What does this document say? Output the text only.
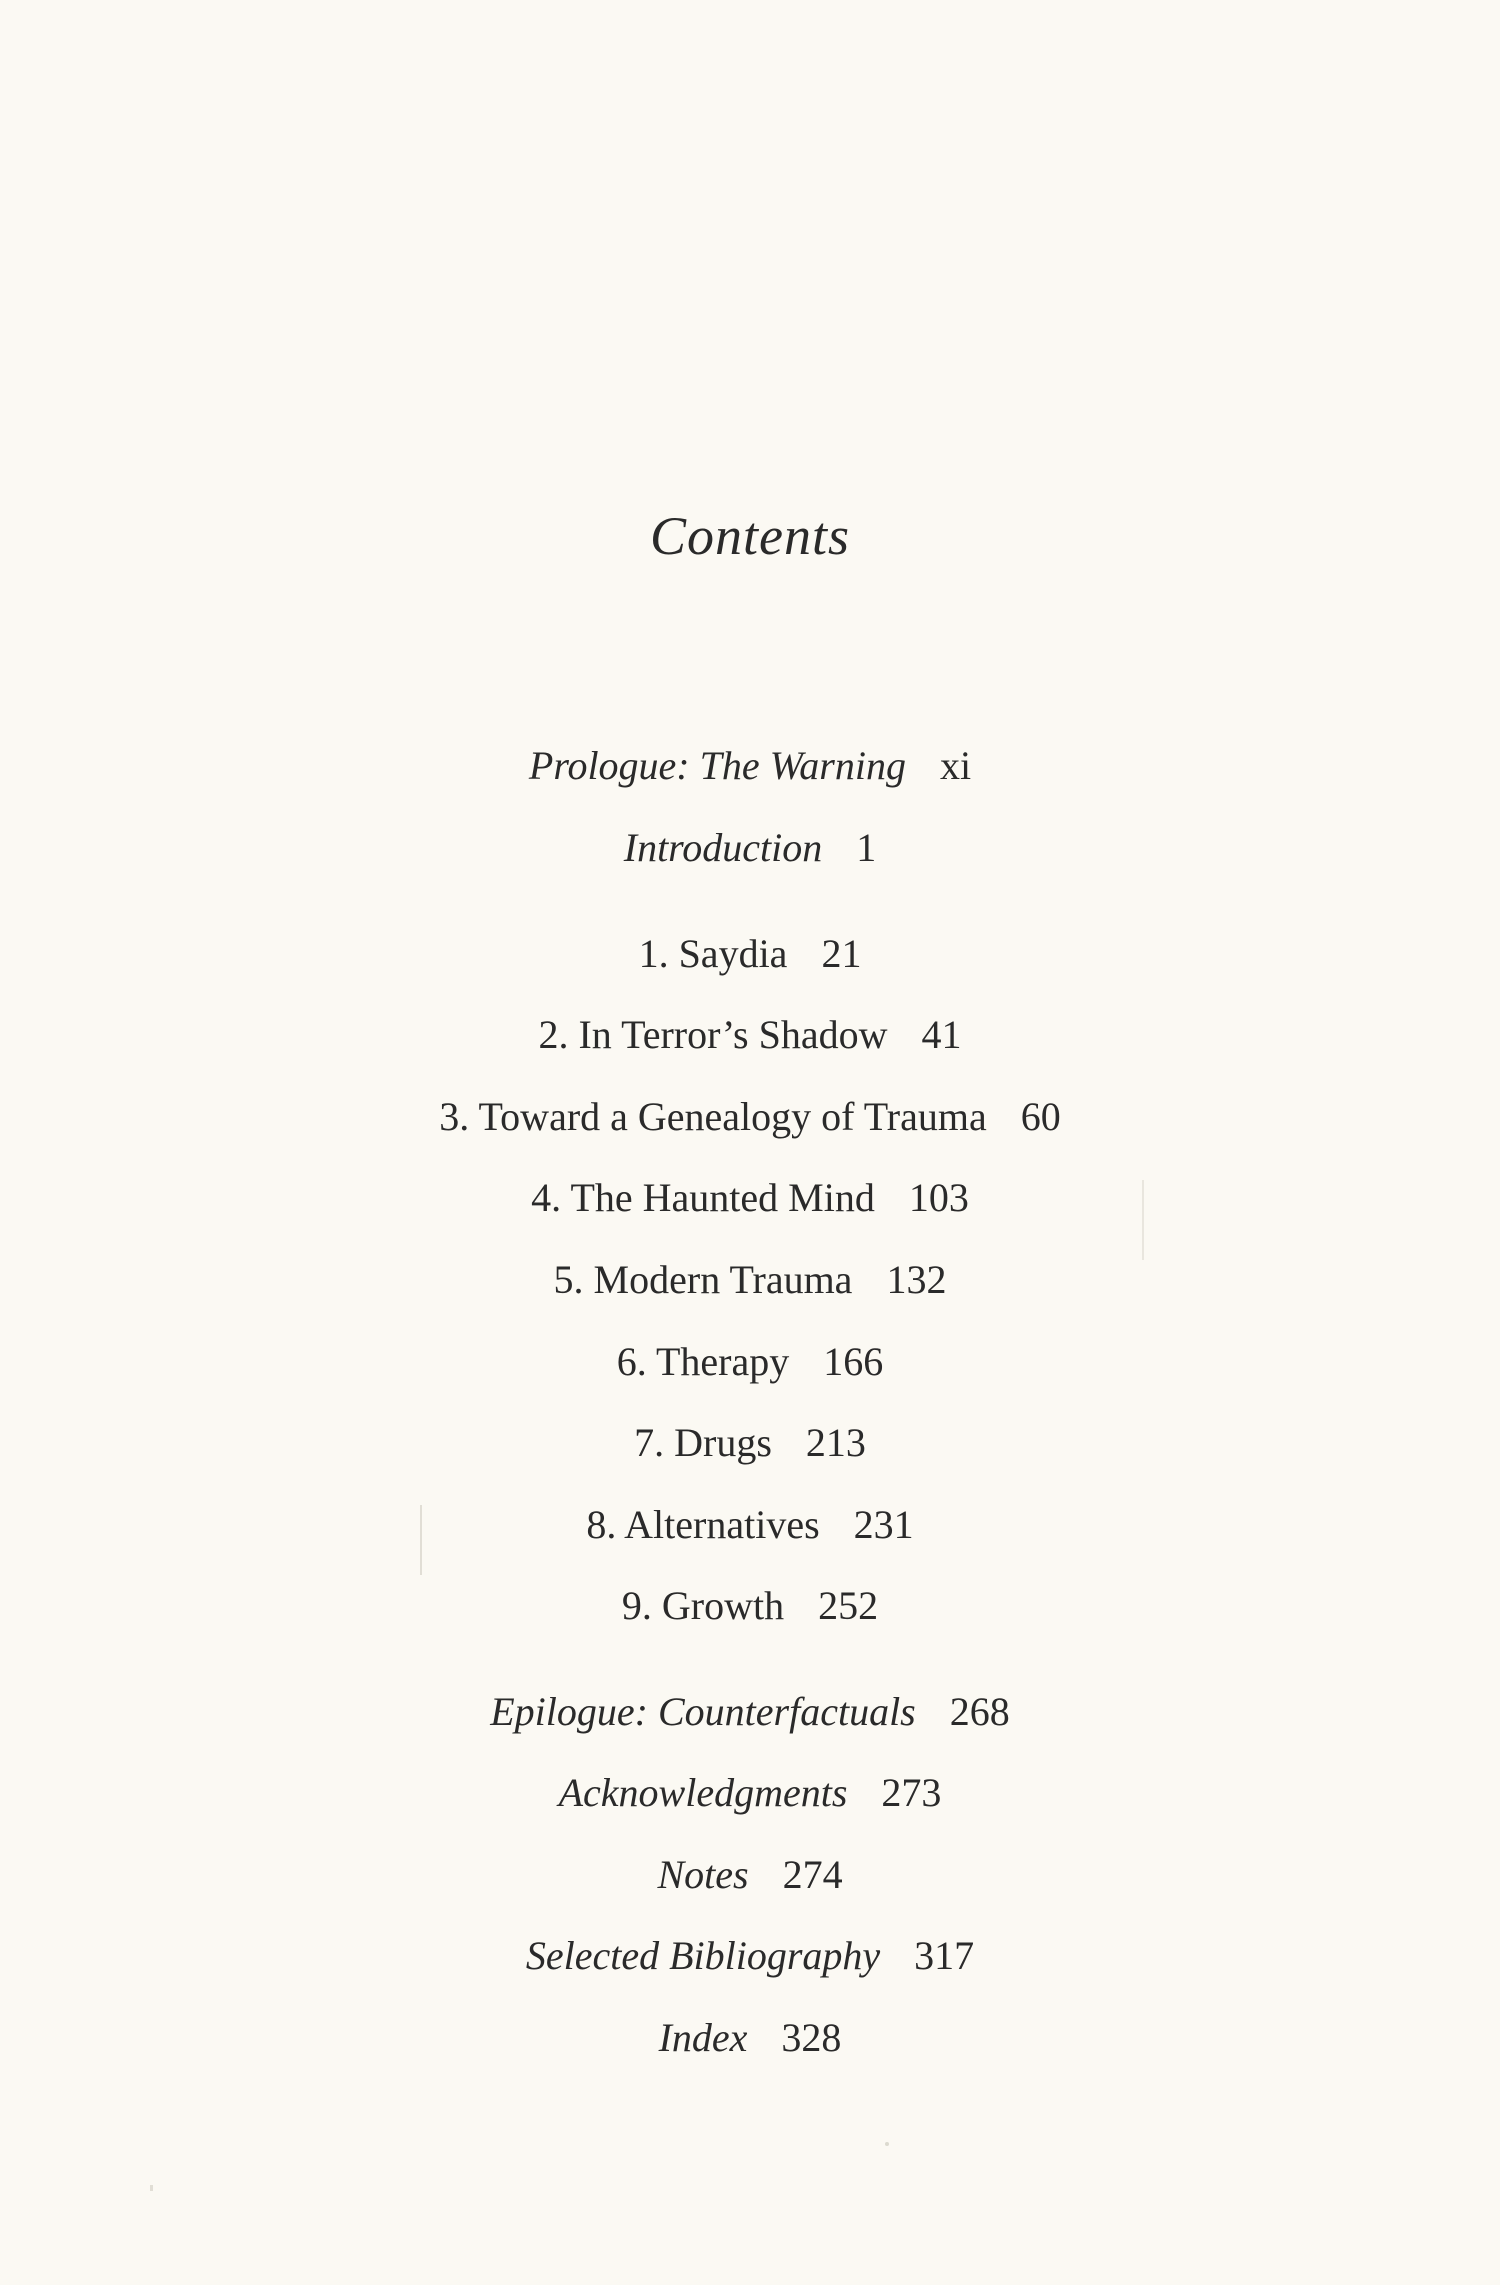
Contents
Prologue: The Warning xi
Introduction 1
1. Saydia 21
2. In Terror’s Shadow 41
3. Toward a Genealogy of Trauma 60
4. The Haunted Mind 103
5. Modern Trauma 132
6. Therapy 166
7. Drugs 213
8. Alternatives 231
9. Growth 252
Epilogue: Counterfactuals 268
Acknowledgments 273
Notes 274
Selected Bibliography 317
Index 328
